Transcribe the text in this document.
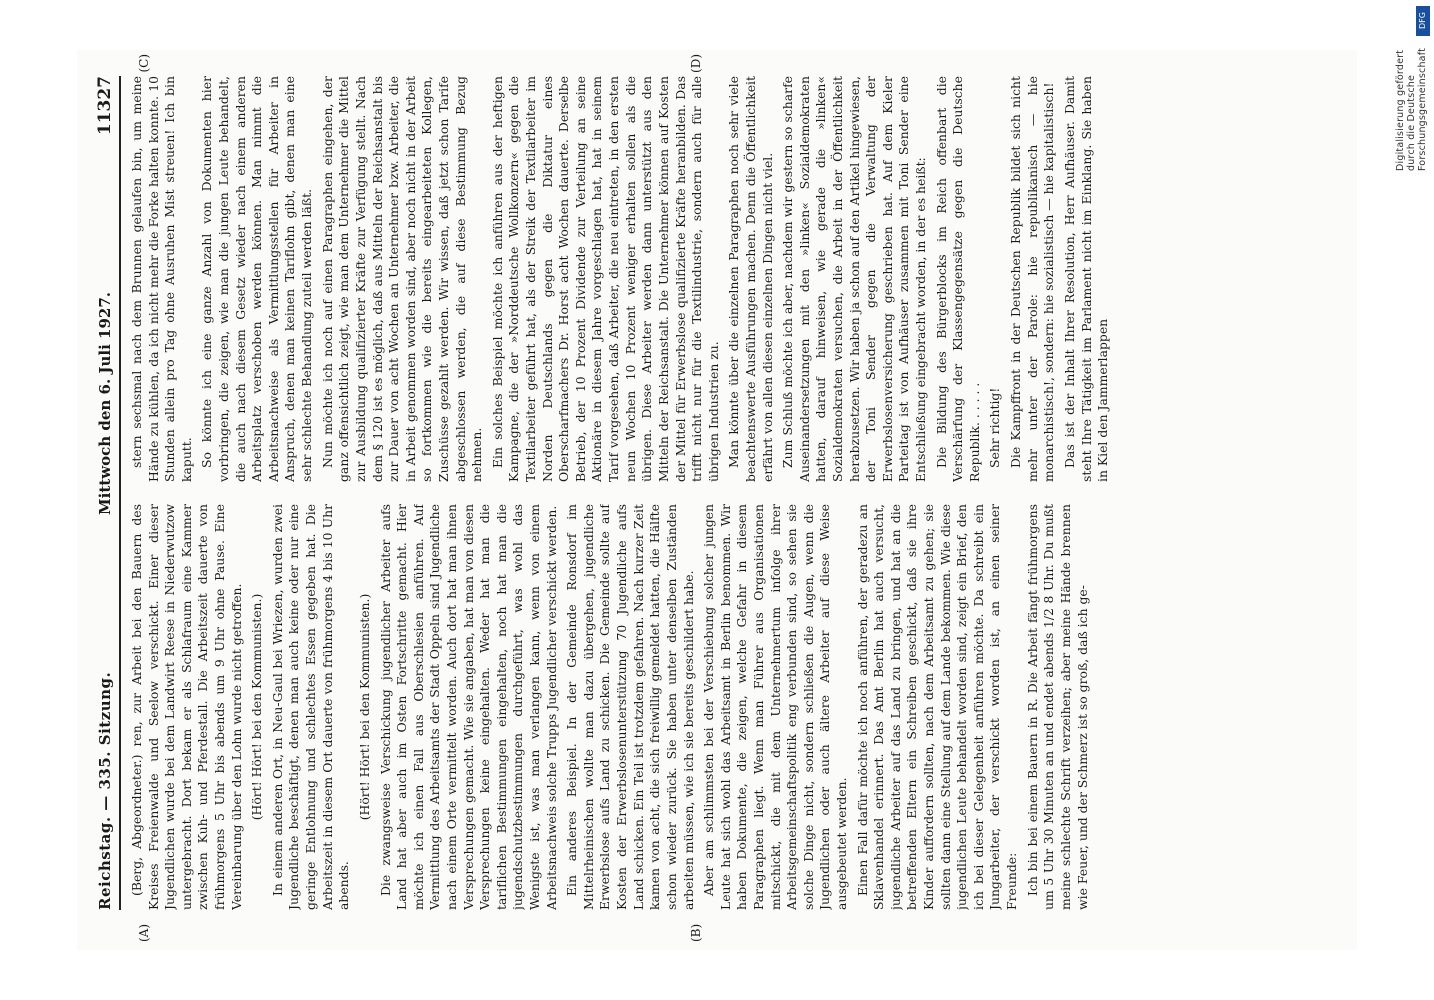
DFG
Digitalisierung gefördert durch die Deutsche Forschungsgemeinschaft
Reichstag. — 335. Sitzung.
Mittwoch den 6. Juli 1927.
11327
(A)	(B)

(Berg, Abgeordneter.) ren, zur Arbeit bei den Bauern des Kreises Freienwalde und Seelow verschickt. Einer dieser Jugendlichen wurde bei dem Landwirt Reese in Niederwutzow untergebracht. Dort bekam er als Schlafraum eine Kammer zwischen Kuh- und Pferdestall. Die Arbeitszeit dauerte von frühmorgens 5 Uhr bis abends um 9 Uhr ohne Pause. Eine Vereinbarung über den Lohn wurde nicht getroffen. (Hört! Hört! bei den Kommunisten.) In einem anderen Ort, in Neu-Gaul bei Wriezen, wurden zwei Jugendliche beschäftigt, denen man auch keine oder nur eine geringe Entlohnung und schlechtes Essen gegeben hat. Die Arbeitszeit in diesem Ort dauerte von frühmorgens 4 bis 10 Uhr abends.

(Hört! Hört! bei den Kommunisten.) Die zwangsweise Verschickung jugendlicher Arbeiter aufs Land hat aber auch im Osten Fortschritte gemacht. Hier möchte ich einen Fall aus Oberschlesien anführen. Auf Vermittlung des Arbeitsamts der Stadt Oppeln sind Jugendliche nach einem Orte vermittelt worden. Auch dort hat man ihnen Versprechungen gemacht. Wie sie angaben, hat man von diesen Versprechungen keine eingehalten. Weder hat man die tariflichen Bestimmungen eingehalten, noch hat man die jugendschutzbestimmungen durchgeführt, was wohl das Wenigste ist, was man verlangen kann, wenn von einem Arbeitsnachweis solche Trupps Jugendlicher verschickt werden. Ein anderes Beispiel. In der Gemeinde Ronsdorf im Mittelrheinischen wollte man dazu übergehen, jugendliche Erwerbslose aufs Land zu schicken. Die Gemeinde sollte auf Kosten der Erwerbslosenunterstützung 70 Jugendliche aufs Land schicken. Ein Teil ist trotzdem gefahren. Nach kurzer Zeit kamen von acht, die sich freiwillig gemeldet hatten, die Hälfte schon wieder zurück. Sie haben unter denselben Zuständen arbeiten müssen, wie ich sie bereits geschildert habe. Aber am schlimmsten bei der Verschiebung solcher jungen Leute hat sich wohl das Arbeitsamt in Berlin benommen. Wir haben Dokumente, die zeigen, welche Gefahr in diesem Paragraphen liegt. Wenn man Führer aus Organisationen mitschickt, die mit dem Unternehmertum infolge ihrer Arbeitsgemeinschaftspolitik eng verbunden sind, so sehen sie solche Dinge nicht, sondern schließen die Augen, wenn die Jugendlichen oder auch ältere Arbeiter auf diese Weise ausgebeutet werden. Einen Fall dafür möchte ich noch anführen, der geradezu an Sklavenhandel erinnert. Das Amt Berlin hat auch versucht, jugendliche Arbeiter auf das Land zu bringen, und hat an die betreffenden Eltern ein Schreiben geschickt, daß sie ihre Kinder auffordern sollten, nach dem Arbeitsamt zu gehen; sie sollten dann eine Stellung auf dem Lande bekommen. Wie diese jugendlichen Leute behandelt worden sind, zeigt ein Brief, den ich bei dieser Gelegenheit anführen möchte. Da schreibt ein Jungarbeiter, der verschickt worden ist, an einen seiner Freunde: Ich bin bei einem Bauern in R. Die Arbeit fängt frühmorgens um 5 Uhr 30 Minuten an und endet abends 1/2 8 Uhr. Du mußt meine schlechte Schrift verzeihen; aber meine Hände brennen wie Feuer, und der Schmerz ist so groß, daß ich ge-

stern sechsmal nach dem Brunnen gelaufen bin, um meine Hände zu kühlen, da ich nicht mehr die Forke halten konnte. 10 Stunden allein pro Tag ohne Ausruhen Mist streuen! Ich bin kaputt. So könnte ich eine ganze Anzahl von Dokumenten hier vorbringen, die zeigen, wie man die jungen Leute behandelt, die auch nach diesem Gesetz wieder nach einem anderen Arbeitsplatz verschoben werden können. Man nimmt die Arbeitsnachweise als Vermittlungsstellen für Arbeiter in Anspruch, denen man keinen Tariflohn gibt, denen man eine sehr schlechte Behandlung zuteil werden läßt. Nun möchte ich noch auf einen Paragraphen eingehen, der ganz offensichtlich zeigt, wie man dem Unternehmer die Mittel zur Ausbildung qualifizierter Kräfte zur Verfügung stellt. Nach dem § 120 ist es möglich, daß aus Mitteln der Reichsanstalt bis zur Dauer von acht Wochen an Unternehmer bzw. Arbeiter, die in Arbeit genommen worden sind, aber noch nicht in der Arbeit so fortkommen wie die bereits eingearbeiteten Kollegen, Zuschüsse gezahlt werden. Wir wissen, daß jetzt schon Tarife abgeschlossen werden, die auf diese Bestimmung Bezug nehmen. Ein solches Beispiel möchte ich anführen aus der heftigen Kampagne, die der »Norddeutsche Wollkonzern« gegen die Textilarbeiter geführt hat, als der Streik der Textilarbeiter im Norden Deutschlands gegen die Diktatur eines Oberscharfmachers Dr. Horst acht Wochen dauerte. Derselbe Betrieb, der 10 Prozent Dividende zur Verteilung an seine Aktionäre in diesem Jahre vorgeschlagen hat, hat in seinem Tarif vorgesehen, daß Arbeiter, die neu eintreten, in den ersten neun Wochen 10 Prozent weniger erhalten sollen als die übrigen. Diese Arbeiter werden dann unterstützt aus den Mitteln der Reichsanstalt. Die Unternehmer können auf Kosten der Mittel für Erwerbslose qualifizierte Kräfte heranbilden. Das trifft nicht nur für die Textilindustrie, sondern auch für alle übrigen Industrien zu. Man könnte über die einzelnen Paragraphen noch sehr viele beachtenswerte Ausführungen machen. Denn die Öffentlichkeit erfährt von allen diesen einzelnen Dingen nicht viel. Zum Schluß möchte ich aber, nachdem wir gestern so scharfe Auseinandersetzungen mit den »linken« Sozialdemokraten hatten, darauf hinweisen, wie gerade die »linken« Sozialdemokraten versuchen, die Arbeit in der Öffentlichkeit herabzusetzen. Wir haben ja schon auf den Artikel hingewiesen, der Toni Sender gegen die Verwaltung der Erwerbslosenversicherung geschrieben hat. Auf dem Kieler Parteitag ist von Aufhäuser zusammen mit Toni Sender eine Entschließung eingebracht worden, in der es heißt: Die Bildung des Bürgerblocks im Reich offenbart die Verschärfung der Klassengegensätze gegen die Deutsche Republik. . . . . . Sehr richtig! Die Kampffront in der Deutschen Republik bildet sich nicht mehr unter der Parole: hie republikanisch — hie monarchistisch!, sondern: hie sozialistisch — hie kapitalistisch! Das ist der Inhalt Ihrer Resolution, Herr Aufhäuser. Damit steht Ihre Tätigkeit im Parlament nicht im Einklang. Sie haben in Kiel den Jammerlappen

(C)	(D)
